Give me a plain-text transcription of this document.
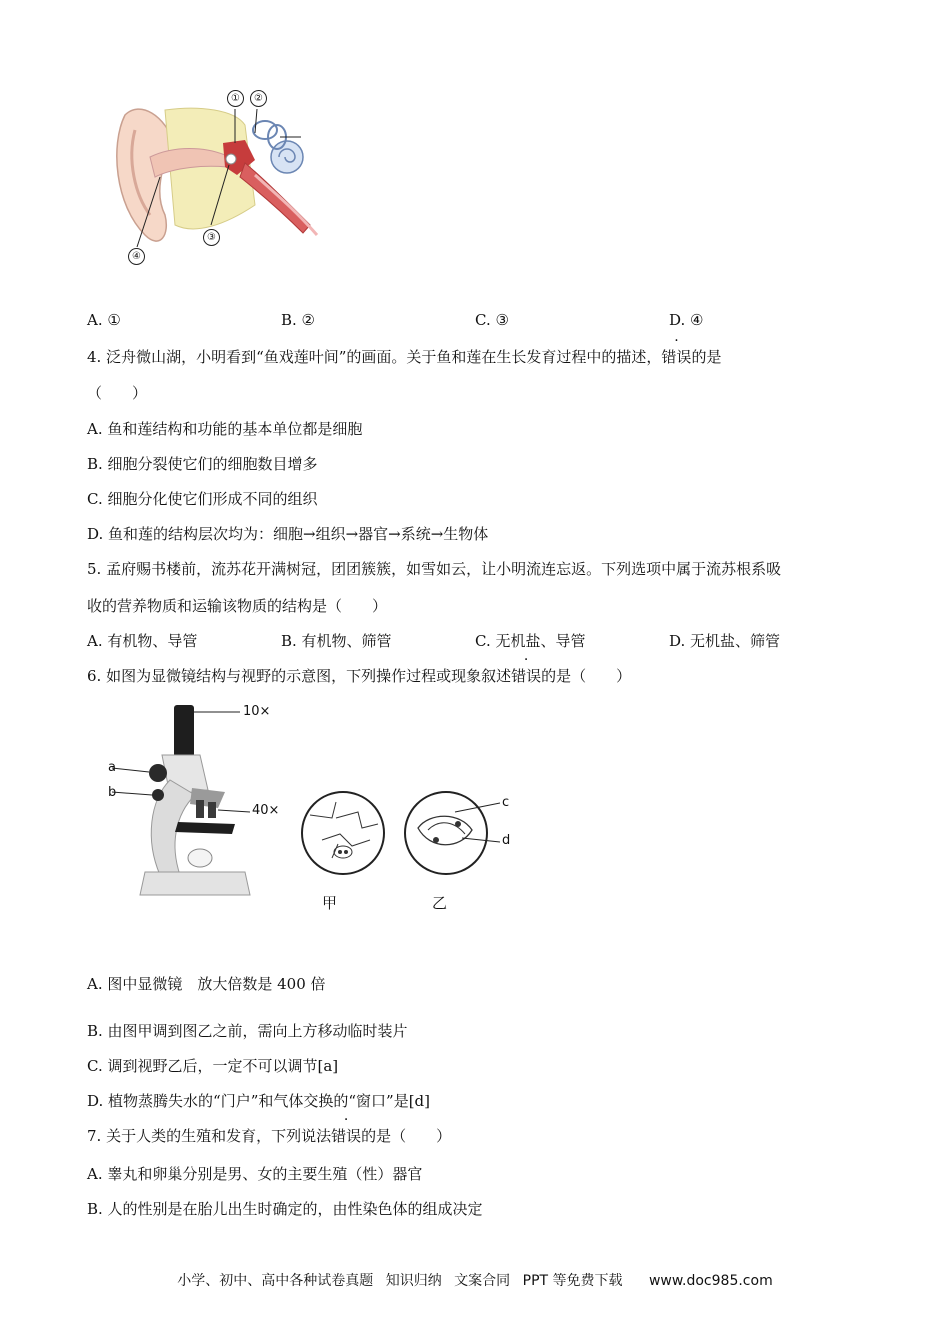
①	②
③
④
A. ①	B. ②	C. ③	D. ④
4. 泛舟微山湖，小明看到“鱼戏莲叶间”的画面。关于鱼和莲在生长发育过程中的描述，错误的是
（　　）
A. 鱼和莲结构和功能的基本单位都是细胞
B. 细胞分裂使它们的细胞数目增多
C. 细胞分化使它们形成不同的组织
D. 鱼和莲的结构层次均为：细胞→组织→器官→系统→生物体
5. 孟府赐书楼前，流苏花开满树冠，团团簇簇，如雪如云，让小明流连忘返。下列选项中属于流苏根系吸
收的营养物质和运输该物质的结构是（　　）
A. 有机物、导管	B. 有机物、筛管	C. 无机盐、导管	D. 无机盐、筛管
6. 如图为显微镜结构与视野的示意图，下列操作过程或现象叙述错误的是（　　）
10×
40×
a
b
c
d
甲	乙
A. 图中显微镜　放大倍数是 400 倍
B. 由图甲调到图乙之前，需向上方移动临时装片
C. 调到视野乙后，一定不可以调节[a]
D. 植物蒸腾失水的“门户”和气体交换的“窗口”是[d]
7. 关于人类的生殖和发育，下列说法错误的是（　　）
A. 睾丸和卵巢分别是男、女的主要生殖（性）器官
B. 人的性别是在胎儿出生时确定的，由性染色体的组成决定
小学、初中、高中各种试卷真题 知识归纳 文案合同 PPT 等免费下载 www.doc985.com
